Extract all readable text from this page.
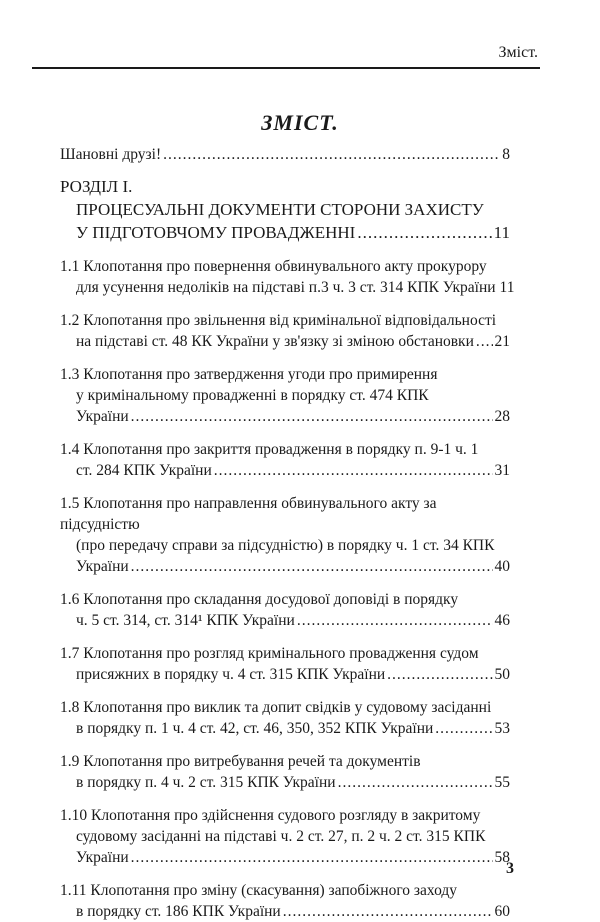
Зміст.
ЗМІСТ.
Шановні друзі! .....	8
РОЗДІЛ І.
ПРОЦЕСУАЛЬНІ ДОКУМЕНТИ СТОРОНИ ЗАХИСТУ
У ПІДГОТОВЧОМУ ПРОВАДЖЕННІ .....	11
1.1 Клопотання про повернення обвинувального акту прокурору
для усунення недоліків на підставі п.3 ч. 3 ст. 314 КПК України 11
1.2 Клопотання про звільнення від кримінальної відповідальності
на підставі ст. 48 КК України у зв'язку зі зміною обстановки ..... 21
1.3 Клопотання про затвердження угоди про примирення
у кримінальному провадженні в порядку ст. 474 КПК
України .....	28
1.4 Клопотання про закриття провадження в порядку п. 9-1 ч. 1
ст. 284 КПК України .....	31
1.5 Клопотання про направлення обвинувального акту за підсудністю
(про передачу справи за підсудністю) в порядку ч. 1 ст. 34 КПК
України .....	40
1.6 Клопотання про складання досудової доповіді в порядку
ч. 5 ст. 314, ст. 314¹ КПК України .....	46
1.7 Клопотання про розгляд кримінального провадження судом
присяжних в порядку ч. 4 ст. 315 КПК України .....	50
1.8 Клопотання про виклик та допит свідків у судовому засіданні
в порядку п. 1 ч. 4 ст. 42, ст. 46, 350, 352 КПК України .....	53
1.9 Клопотання про витребування речей та документів
в порядку п. 4 ч. 2 ст. 315 КПК України .....	55
1.10 Клопотання про здійснення судового розгляду в закритому
судовому засіданні на підставі ч. 2 ст. 27, п. 2 ч. 2 ст. 315 КПК
України .....	58
1.11 Клопотання про зміну (скасування) запобіжного заходу
в порядку ст. 186 КПК України .....	60
3
